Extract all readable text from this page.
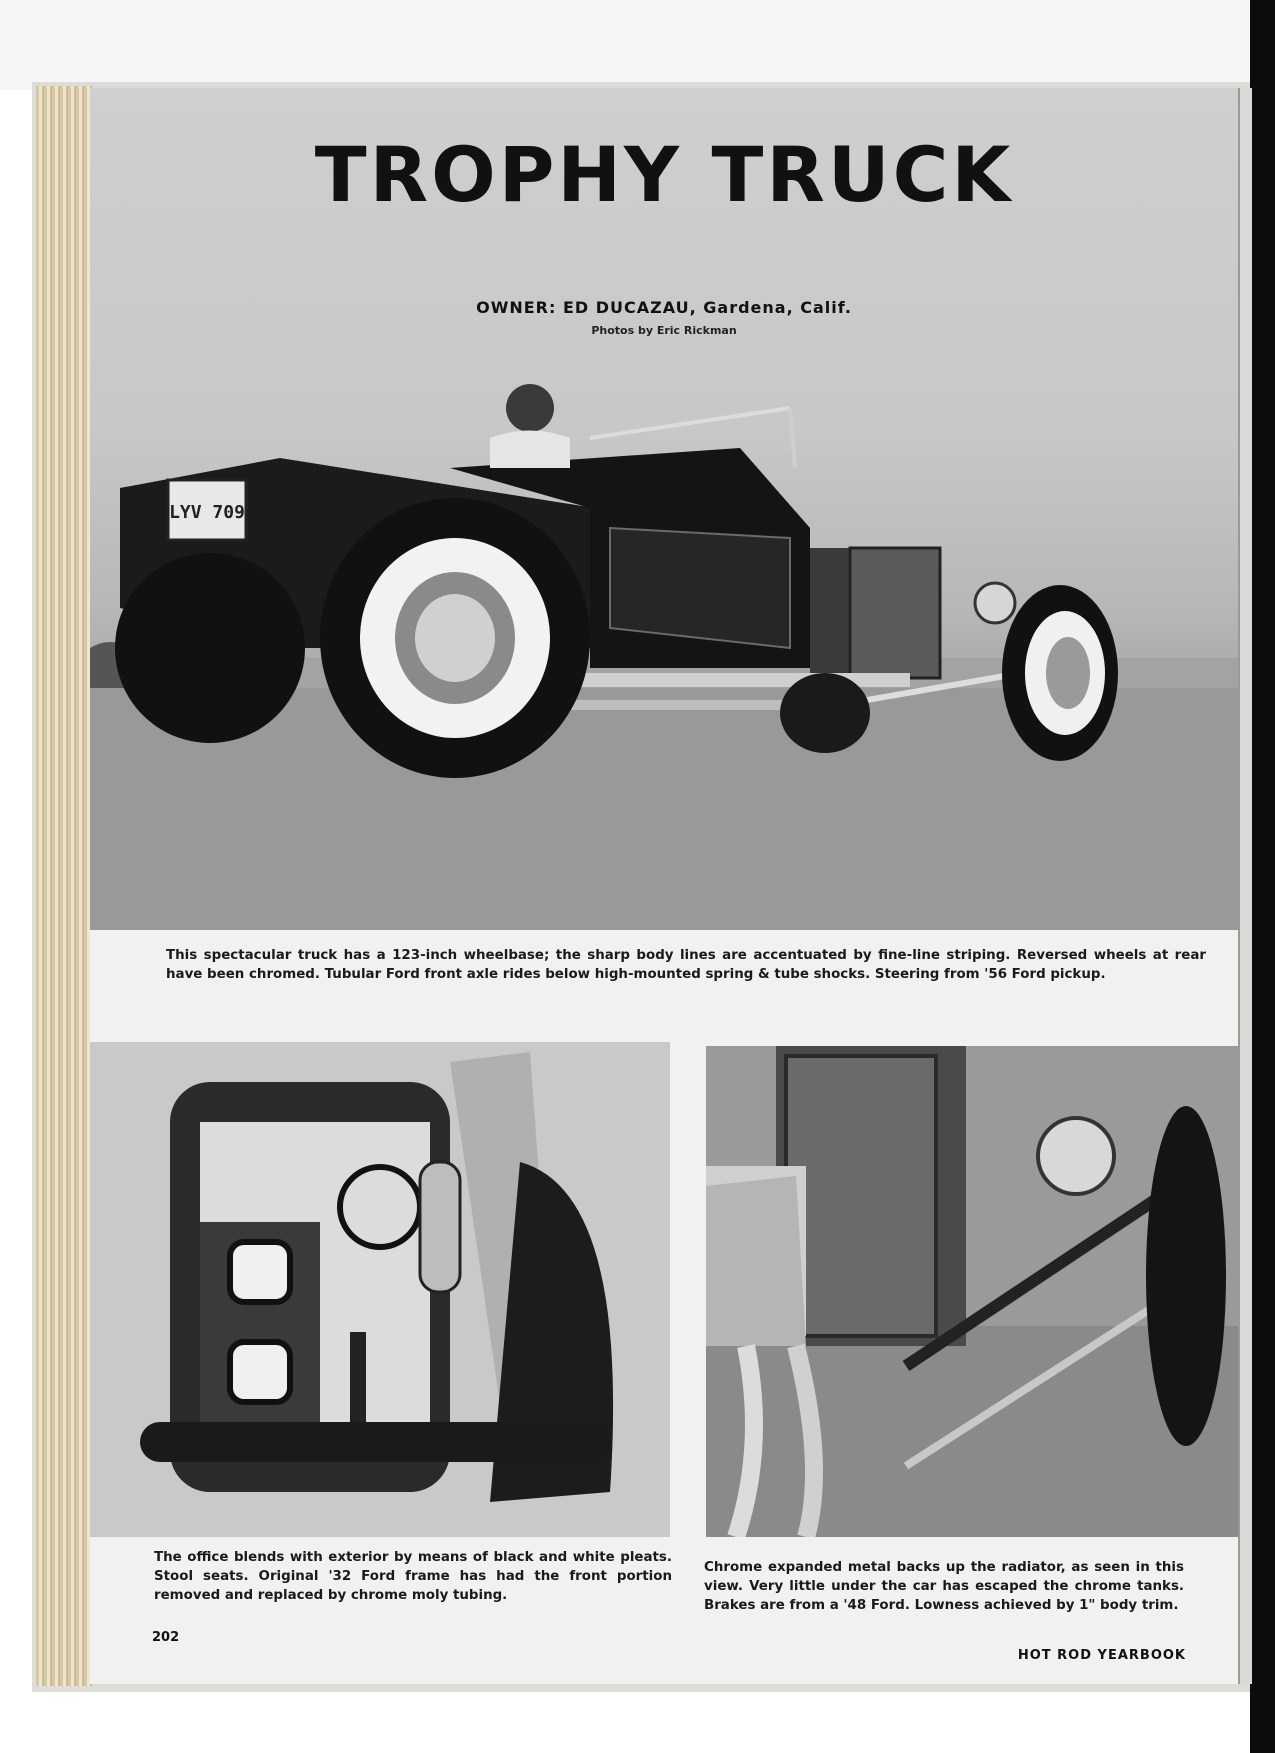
LYV 709
TROPHY TRUCK
OWNER: ED DUCAZAU, Gardena, Calif.
Photos by Eric Rickman
This spectacular truck has a 123-inch wheelbase; the sharp body lines are accentuated by fine-line striping. Reversed wheels at rear have been chromed. Tubular Ford front axle rides below high-mounted spring & tube shocks. Steering from '56 Ford pickup.
The office blends with exterior by means of black and white pleats. Stool seats. Original '32 Ford frame has had the front portion removed and replaced by chrome moly tubing.
Chrome expanded metal backs up the radiator, as seen in this view. Very little under the car has escaped the chrome tanks. Brakes are from a '48 Ford. Lowness achieved by 1" body trim.
202
HOT ROD YEARBOOK
